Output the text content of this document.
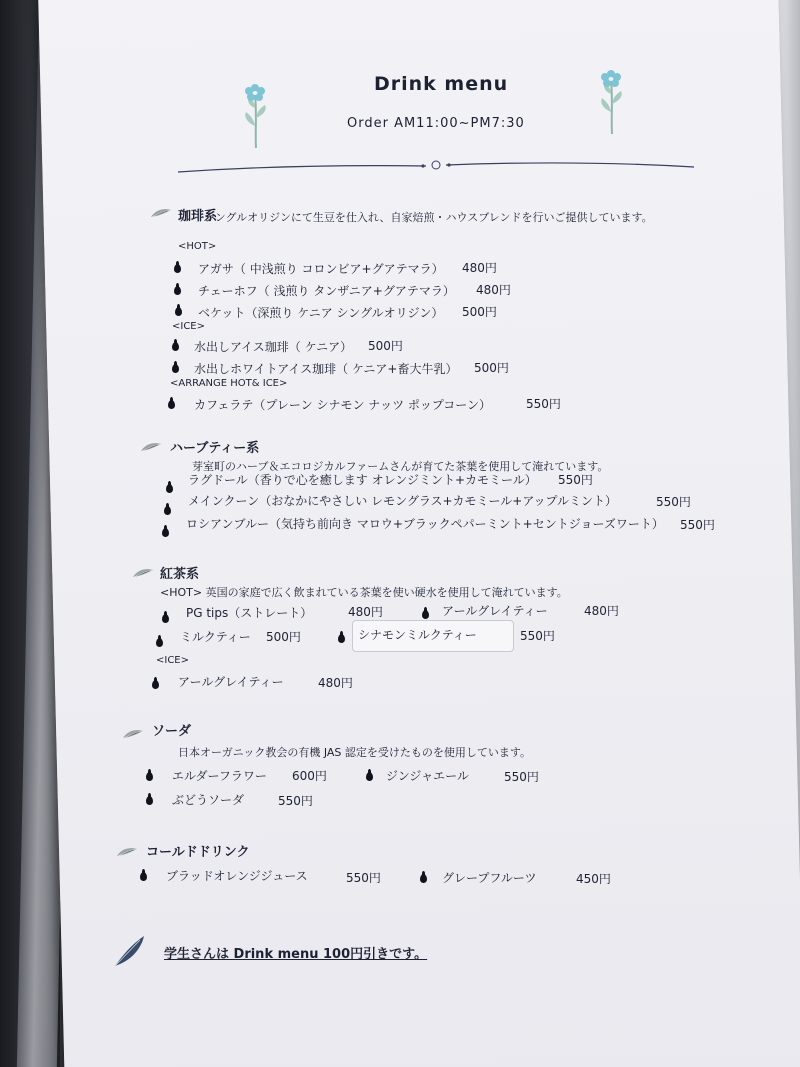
Drink menu
Order AM11:00~PM7:30
珈琲系
シングルオリジンにて生豆を仕入れ、自家焙煎・ハウスブレンドを行いご提供しています。
<HOT>
アガサ（ 中浅煎り コロンビア+グアテマラ） 480円
チェーホフ（ 浅煎り タンザニア+グアテマラ） 480円
ベケット（深煎り ケニア シングルオリジン） 500円
<ICE>
水出しアイス珈琲（ ケニア） 500円
水出しホワイトアイス珈琲（ ケニア+畜大牛乳） 500円
<ARRANGE HOT& ICE>
カフェラテ（プレーン シナモン ナッツ ポップコーン）	550円
ハーブティー系
芽室町のハーブ＆エコロジカルファームさんが育てた茶葉を使用して淹れています。
ラグドール（香りで心を癒します オレンジミント+カモミール） 550円
メインクーン（おなかにやさしい レモングラス+カモミール+アップルミント）	550円
ロシアンブルー（気持ち前向き マロウ+ブラックペパーミント+セントジョーズワート） 550円
紅茶系
<HOT> 英国の家庭で広く飲まれている茶葉を使い硬水を使用して淹れています。
PG tips（ストレート）	480円	アールグレイティー	480円
ミルクティー 500円	シナモンミルクティー	550円
<ICE>
アールグレイティー	480円
ソーダ
日本オーガニック教会の有機 JAS 認定を受けたものを使用しています。
エルダーフラワー 600円	ジンジャエール	550円
ぶどうソーダ	550円
コールドドリンク
ブラッドオレンジジュース	550円	グレープフルーツ	450円
学生さんは Drink menu 100円引きです。
